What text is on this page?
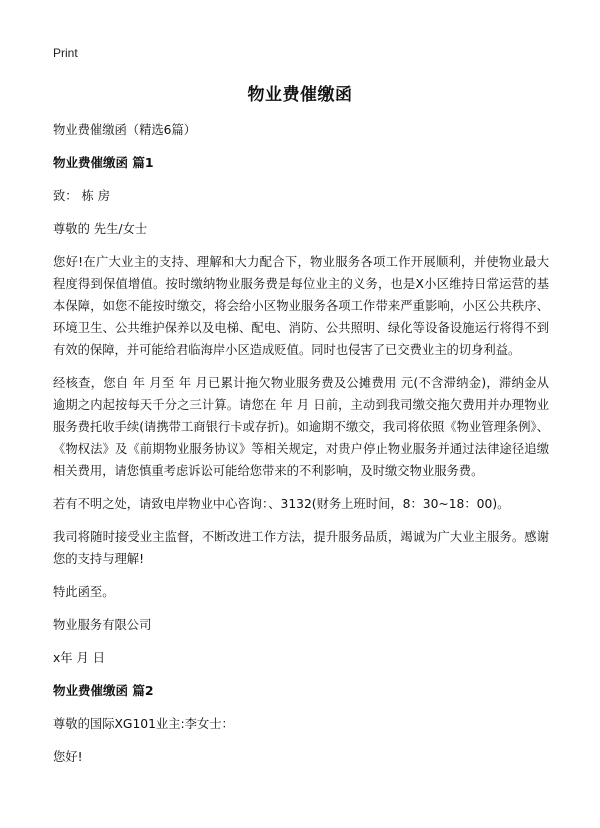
Print
物业费催缴函

物业费催缴函（精选6篇）

物业费催缴函 篇1

致： 栋 房

尊敬的 先生/女士

您好!在广大业主的支持、理解和大力配合下，物业服务各项工作开展顺利，并使物业最大程度得到保值增值。按时缴纳物业服务费是每位业主的义务，也是X小区维持日常运营的基本保障，如您不能按时缴交，将会给小区物业服务各项工作带来严重影响，小区公共秩序、环境卫生、公共维护保养以及电梯、配电、消防、公共照明、绿化等设备设施运行将得不到有效的保障，并可能给君临海岸小区造成贬值。同时也侵害了已交费业主的切身利益。

经核查，您自 年 月至 年 月已累计拖欠物业服务费及公摊费用 元(不含滞纳金)，滞纳金从逾期之内起按每天千分之三计算。请您在 年 月 日前，主动到我司缴交拖欠费用并办理物业服务费托收手续(请携带工商银行卡或存折)。如逾期不缴交，我司将依照《物业管理条例》、《物权法》及《前期物业服务协议》等相关规定，对贵户停止物业服务并通过法律途径追缴相关费用，请您慎重考虑诉讼可能给您带来的不利影响，及时缴交物业服务费。

若有不明之处，请致电岸物业中心咨询：、3132(财务上班时间，8：30~18：00)。

我司将随时接受业主监督，不断改进工作方法，提升服务品质，竭诚为广大业主服务。感谢您的支持与理解!

特此函至。

物业服务有限公司

x年 月 日

物业费催缴函 篇2

尊敬的国际XG101业主:李女士：

您好!
